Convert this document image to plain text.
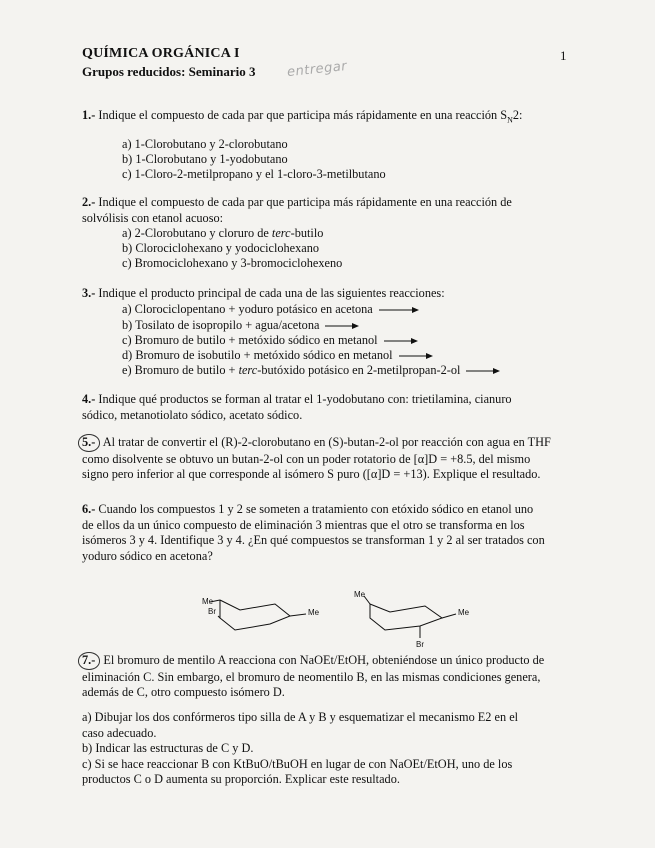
QUÍMICA ORGÁNICA I
Grupos reducidos: Seminario 3
1
entregar
1.- Indique el compuesto de cada par que participa más rápidamente en una reacción $S_N2$:
a) 1-Clorobutano y 2-clorobutano
b) 1-Clorobutano y 1-yodobutano
c) 1-Cloro-2-metilpropano y el 1-cloro-3-metilbutano
2.- Indique el compuesto de cada par que participa más rápidamente en una reacción de
solvólisis con etanol acuoso:
a) 2-Clorobutano y cloruro de terc-butilo
b) Clorociclohexano y yodociclohexano
c) Bromociclohexano y 3-bromociclohexeno
3.- Indique el producto principal de cada una de las siguientes reacciones:
a) Clorociclopentano + yoduro potásico en acetona
b) Tosilato de isopropilo + agua/acetona
c) Bromuro de butilo + metóxido sódico en metanol
d) Bromuro de isobutilo + metóxido sódico en metanol
e) Bromuro de butilo + terc-butóxido potásico en 2-metilpropan-2-ol
4.- Indique qué productos se forman al tratar el 1-yodobutano con: trietilamina, cianuro
sódico, metanotiolato sódico, acetato sódico.
5.- Al tratar de convertir el (R)-2-clorobutano en (S)-butan-2-ol por reacción con agua en THF
como disolvente se obtuvo un butan-2-ol con un poder rotatorio de [α]D = +8.5, del mismo
signo pero inferior al que corresponde al isómero S puro ([α]D = +13). Explique el resultado.
6.- Cuando los compuestos 1 y 2 se someten a tratamiento con etóxido sódico en etanol uno
de ellos da un único compuesto de eliminación 3 mientras que el otro se transforma en los
isómeros 3 y 4. Identifique 3 y 4. ¿En qué compuestos se transforman 1 y 2 al ser tratados con
yoduro sódico en acetona?
Me
Br	Me
Me
Me
Br
7.- El bromuro de mentilo A reacciona con NaOEt/EtOH, obteniéndose un único producto de
eliminación C. Sin embargo, el bromuro de neomentilo B, en las mismas condiciones genera,
además de C, otro compuesto isómero D.
a) Dibujar los dos confórmeros tipo silla de A y B y esquematizar el mecanismo E2 en el
caso adecuado.
b) Indicar las estructuras de C y D.
c) Si se hace reaccionar B con KtBuO/tBuOH en lugar de con NaOEt/EtOH, uno de los
productos C o D aumenta su proporción. Explicar este resultado.
